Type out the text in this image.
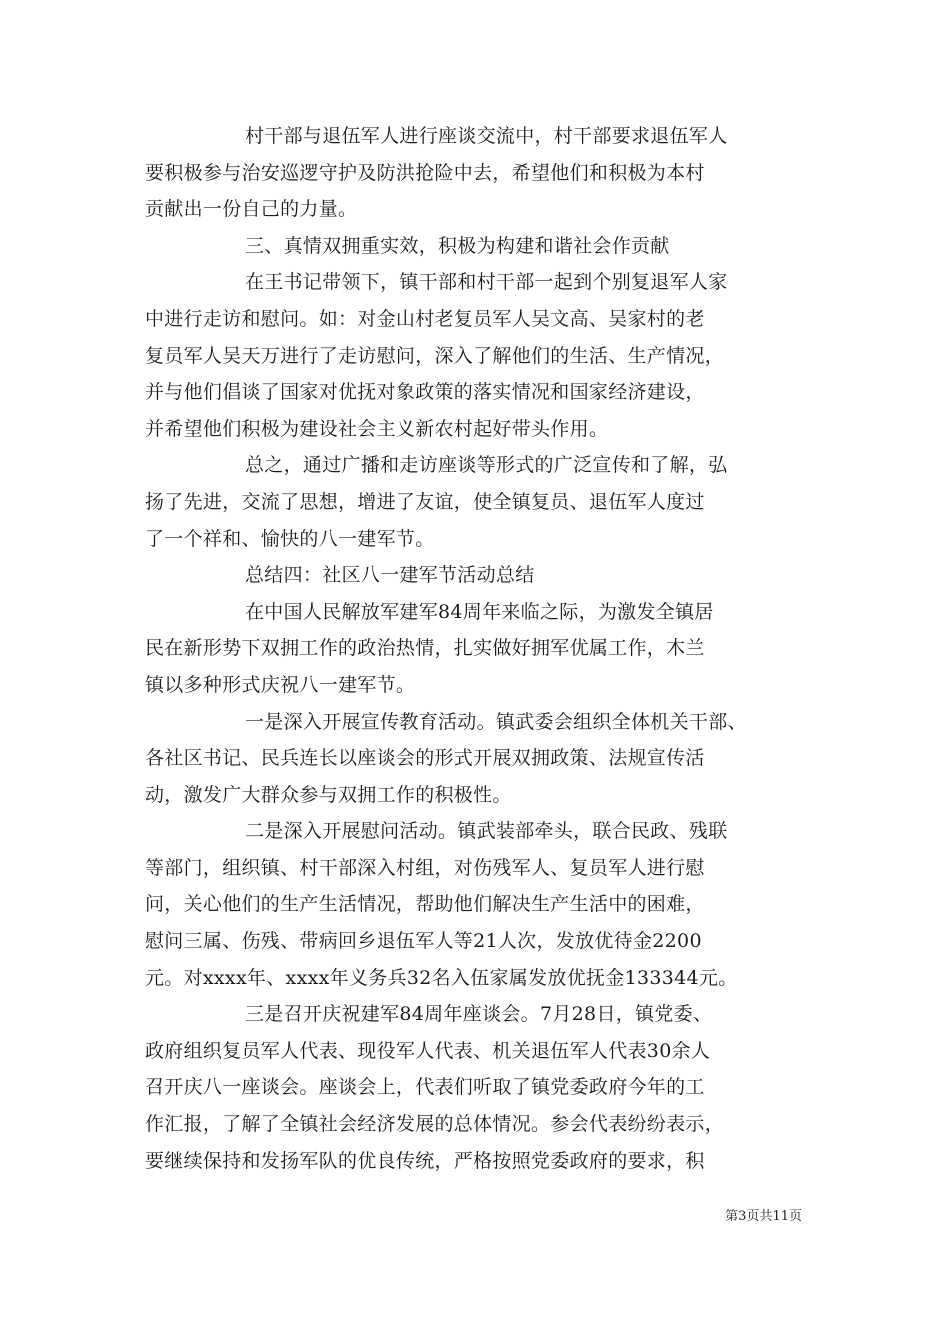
村干部与退伍军人进行座谈交流中，村干部要求退伍军人
要积极参与治安巡逻守护及防洪抢险中去，希望他们和积极为本村
贡献出一份自己的力量。
三、真情双拥重实效，积极为构建和谐社会作贡献
在王书记带领下，镇干部和村干部一起到个别复退军人家
中进行走访和慰问。如：对金山村老复员军人吴文高、吴家村的老
复员军人吴天万进行了走访慰问，深入了解他们的生活、生产情况，
并与他们倡谈了国家对优抚对象政策的落实情况和国家经济建设，
并希望他们积极为建设社会主义新农村起好带头作用。
总之，通过广播和走访座谈等形式的广泛宣传和了解，弘
扬了先进，交流了思想，增进了友谊，使全镇复员、退伍军人度过
了一个祥和、愉快的八一建军节。
总结四：社区八一建军节活动总结
在中国人民解放军建军84周年来临之际，为激发全镇居
民在新形势下双拥工作的政治热情，扎实做好拥军优属工作，木兰
镇以多种形式庆祝八一建军节。
一是深入开展宣传教育活动。镇武委会组织全体机关干部、
各社区书记、民兵连长以座谈会的形式开展双拥政策、法规宣传活
动，激发广大群众参与双拥工作的积极性。
二是深入开展慰问活动。镇武装部牵头，联合民政、残联
等部门，组织镇、村干部深入村组，对伤残军人、复员军人进行慰
问，关心他们的生产生活情况，帮助他们解决生产生活中的困难，
慰问三属、伤残、带病回乡退伍军人等21人次，发放优待金2200
元。对xxxx年、xxxx年义务兵32名入伍家属发放优抚金133344元。
三是召开庆祝建军84周年座谈会。7月28日，镇党委、
政府组织复员军人代表、现役军人代表、机关退伍军人代表30余人
召开庆八一座谈会。座谈会上，代表们听取了镇党委政府今年的工
作汇报，了解了全镇社会经济发展的总体情况。参会代表纷纷表示，
要继续保持和发扬军队的优良传统，严格按照党委政府的要求，积
第3页共11页
